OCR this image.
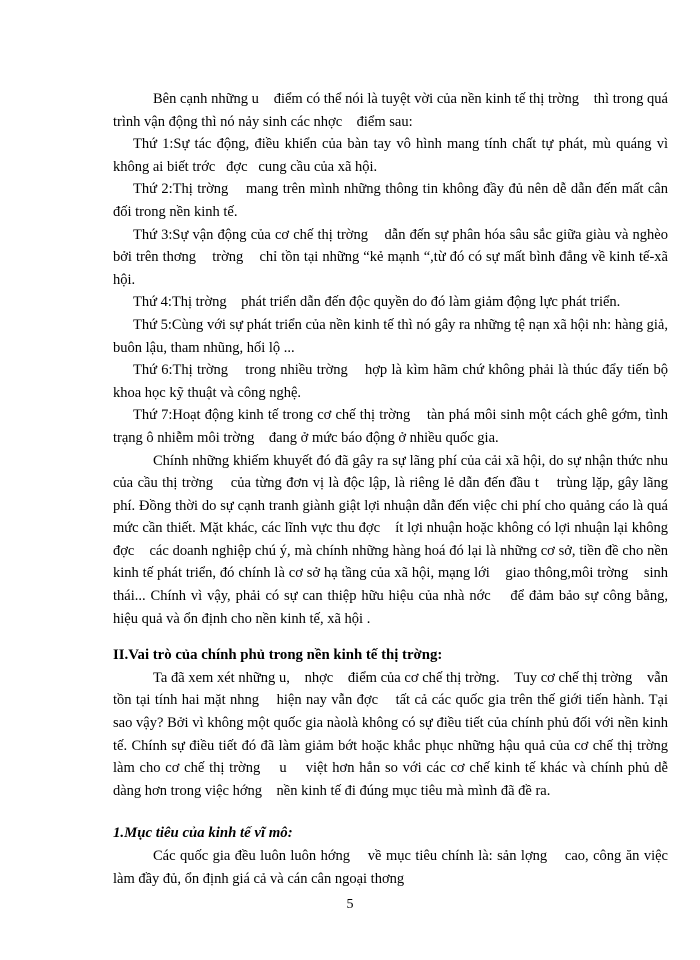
Bên cạnh những u    điểm có thể nói là tuyệt vời của nền kinh tế thị trờng    thì trong quá trình vận động thì nó nảy sinh các nhợc    điểm sau:

Thứ 1:Sự tác động, điều khiển của bàn tay vô hình mang tính chất tự phát, mù quáng vì không ai biết trớc   đợc   cung cầu của xã hội.

Thứ 2:Thị trờng    mang trên mình những thông tin không đầy đủ nên dễ dẫn đến mất cân đối trong nền kinh tế.

Thứ 3:Sự vận động của cơ chế thị trờng    dẫn đến sự phân hóa sâu sắc giữa giàu và nghèo bởi trên thơng    trờng    chỉ tồn tại những “kẻ mạnh “,từ đó có sự mất bình đẳng về kinh tế-xã hội.

Thứ 4:Thị trờng    phát triển dẫn đến độc quyền do đó làm giảm động lực phát triển.

Thứ 5:Cùng với sự phát triển của nền kinh tế thì nó gây ra những tệ nạn xã hội nh: hàng giả, buôn lậu, tham nhũng, hối lộ ...

Thứ 6:Thị trờng    trong nhiều trờng    hợp là kìm hãm chứ không phải là thúc đẩy tiến bộ khoa học kỹ thuật và công nghệ.

Thứ 7:Hoạt động kinh tế trong cơ chế thị trờng    tàn phá môi sinh một cách ghê gớm, tình trạng ô nhiễm môi trờng    đang ở mức báo động ở nhiều quốc gia.

Chính những khiếm khuyết đó đã gây ra sự lãng phí của cải xã hội, do sự nhận thức nhu của cầu thị trờng    của từng đơn vị là độc lập, là riêng lẻ dẫn đến đầu t    trùng lặp, gây lãng phí. Đồng thời do sự cạnh tranh giành giật lợi nhuận dẫn đến việc chi phí cho quảng cáo là quá mức cần thiết. Mặt khác, các lĩnh vực thu đợc    ít lợi nhuận hoặc không có lợi nhuận lại không đợc    các doanh nghiệp chú ý, mà chính những hàng hoá đó lại là những cơ sở, tiền đề cho nền kinh tế phát triển, đó chính là cơ sở hạ tầng của xã hội, mạng lới    giao thông,môi trờng    sinh thái... Chính vì vậy, phải có sự can thiệp hữu hiệu của nhà nớc    để đảm bảo sự công bằng, hiệu quả và ổn định cho nền kinh tế, xã hội .

II.Vai trò của chính phủ trong nền kinh tế thị trờng:

Ta đã xem xét những u,    nhợc    điểm của cơ chế thị trờng.    Tuy cơ chế thị trờng    vẫn tồn tại tính hai mặt nhng    hiện nay vẫn đợc    tất cả các quốc gia trên thế giới tiến hành. Tại sao vậy? Bởi vì không một quốc gia nàolà không có sự điều tiết của chính phủ đối với nền kinh tế. Chính sự điều tiết đó đã làm giảm bớt hoặc khắc phục những hậu quả của cơ chế thị trờng    làm cho cơ chế thị trờng    u    việt hơn hẳn so với các cơ chế kinh tế khác và chính phủ dễ dàng hơn trong việc hớng    nền kinh tế đi đúng mục tiêu mà mình đã đề ra.

1.Mục tiêu của kinh tế vĩ mô:

Các quốc gia đều luôn luôn hớng    về mục tiêu chính là: sản lợng    cao, công ăn việc làm đầy đủ, ổn định giá cả và cán cân ngoại thơng

5
